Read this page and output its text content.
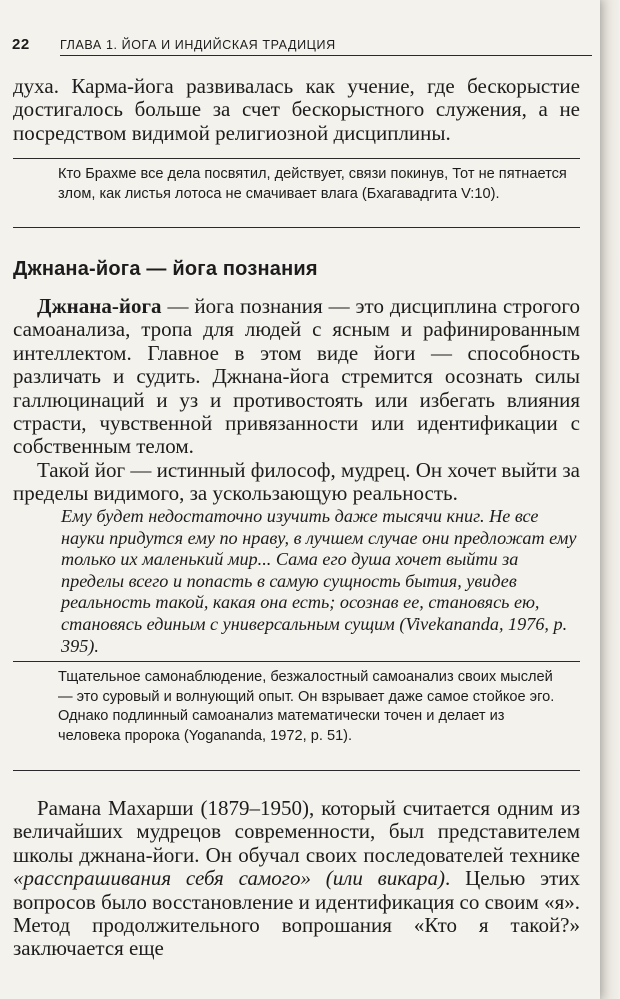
22 ГЛАВА 1. ЙОГА И ИНДИЙСКАЯ ТРАДИЦИЯ

духа. Карма-йога развивалась как учение, где бескорыстие достигалось больше за счет бескорыстного служения, а не посредством видимой религиозной дисциплины.

Кто Брахме все дела посвятил, действует, связи покинув, Тот не пятнается злом, как листья лотоса не смачивает влага (Бхагавадгита V:10).

Джнана-йога — йога познания

Джнана-йога — йога познания — это дисциплина строгого самоанализа, тропа для людей с ясным и рафинированным интеллектом. Главное в этом виде йоги — способность различать и судить. Джнана-йога стремится осознать силы галлюцинаций и уз и противостоять или избегать влияния страсти, чувственной привязанности или идентификации с собственным телом.

Такой йог — истинный философ, мудрец. Он хочет выйти за пределы видимого, за ускользающую реальность.

Ему будет недостаточно изучить даже тысячи книг. Не все науки придутся ему по нраву, в лучшем случае они предложат ему только их маленький мир... Сама его душа хочет выйти за пределы всего и попасть в самую сущность бытия, увидев реальность такой, какая она есть; осознав ее, становясь ею, становясь единым с универсальным сущим (Vivekananda, 1976, p. 395).

Тщательное самонаблюдение, безжалостный самоанализ своих мыслей — это суровый и волнующий опыт. Он взрывает даже самое стойкое эго. Однако подлинный самоанализ математически точен и делает из человека пророка (Yogananda, 1972, p. 51).

Рамана Махарши (1879–1950), который считается одним из величайших мудрецов современности, был представителем школы джнана-йоги. Он обучал своих последователей технике «расспрашивания себя самого» (или викара). Целью этих вопросов было восстановление и идентификация со своим «я». Метод продолжительного вопрошания «Кто я такой?» заключается еще
